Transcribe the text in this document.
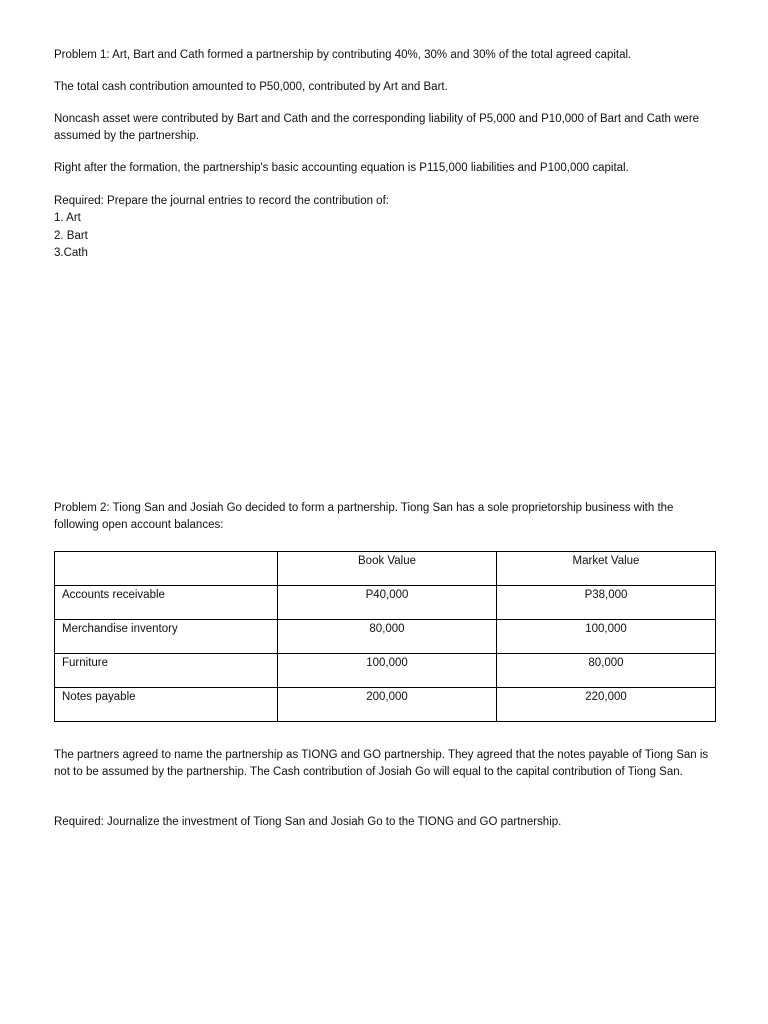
Problem 1: Art, Bart and Cath formed a partnership by contributing 40%, 30% and 30% of the total agreed capital.

The total cash contribution amounted to P50,000, contributed by Art and Bart.

Noncash asset were contributed by Bart and Cath and the corresponding liability of P5,000 and P10,000 of Bart and Cath were assumed by the partnership.

Right after the formation, the partnership's basic accounting equation is P115,000 liabilities and P100,000 capital.

Required: Prepare the journal entries to record the contribution of:

1. Art
2. Bart
3.Cath

Problem 2: Tiong San and Josiah Go decided to form a partnership. Tiong San has a sole proprietorship business with the following open account balances:

	Book Value	Market Value
Accounts receivable	P40,000	P38,000
Merchandise inventory	80,000	100,000
Furniture	100,000	80,000
Notes payable	200,000	220,000

The partners agreed to name the partnership as TIONG and GO partnership. They agreed that the notes payable of Tiong San is not to be assumed by the partnership. The Cash contribution of Josiah Go will equal to the capital contribution of Tiong San.

Required: Journalize the investment of Tiong San and Josiah Go to the TIONG and GO partnership.
